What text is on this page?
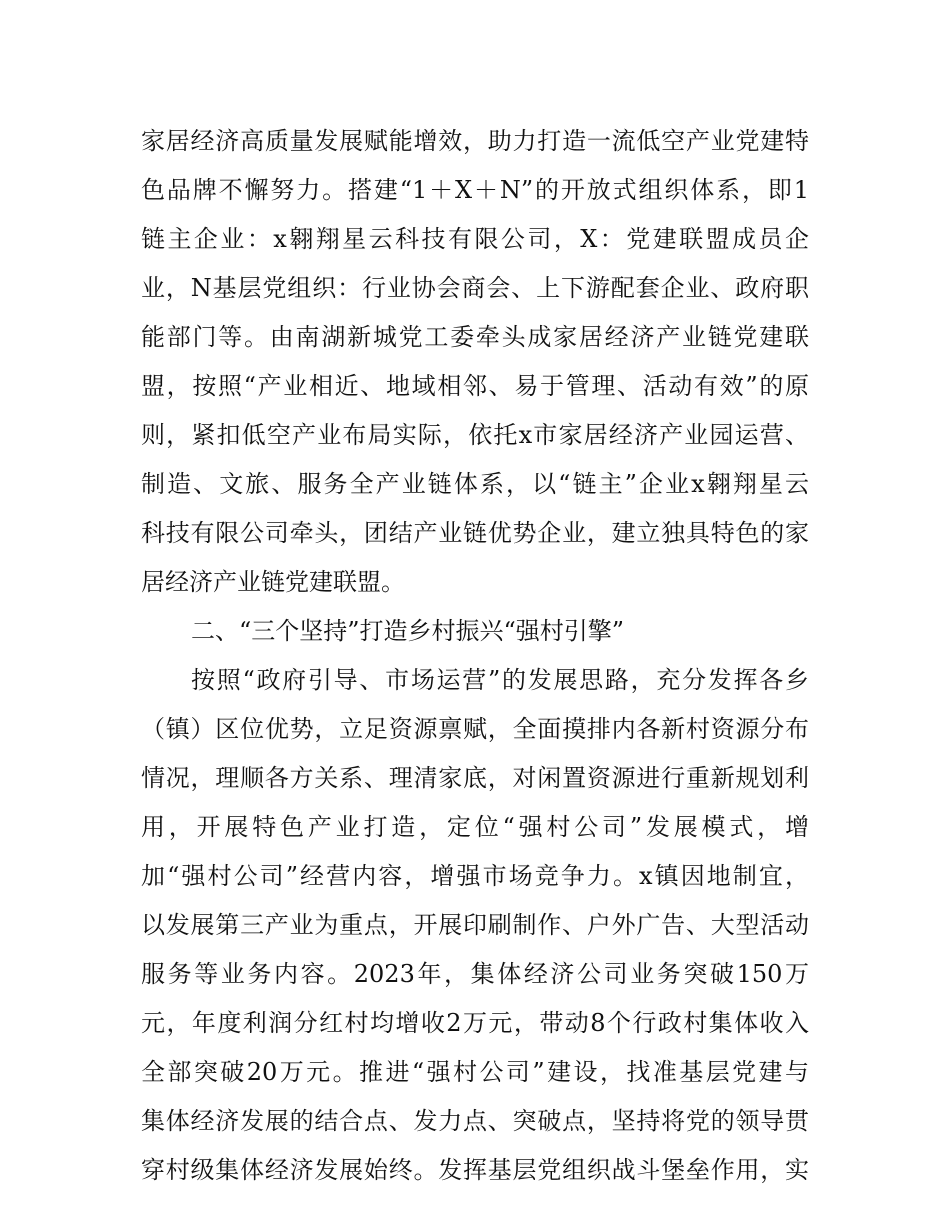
家居经济高质量发展赋能增效，助力打造一流低空产业党建特
色品牌不懈努力。搭建“1＋X＋N”的开放式组织体系，即1
链主企业：x翱翔星云科技有限公司，X：党建联盟成员企
业，N基层党组织：行业协会商会、上下游配套企业、政府职
能部门等。由南湖新城党工委牵头成家居经济产业链党建联
盟，按照“产业相近、地域相邻、易于管理、活动有效”的原
则，紧扣低空产业布局实际，依托x市家居经济产业园运营、
制造、文旅、服务全产业链体系，以“链主”企业x翱翔星云
科技有限公司牵头，团结产业链优势企业，建立独具特色的家
居经济产业链党建联盟。
二、“三个坚持”打造乡村振兴“强村引擎”
按照“政府引导、市场运营”的发展思路，充分发挥各乡
（镇）区位优势，立足资源禀赋，全面摸排内各新村资源分布
情况，理顺各方关系、理清家底，对闲置资源进行重新规划利
用，开展特色产业打造，定位“强村公司”发展模式，增
加“强村公司”经营内容，增强市场竞争力。x镇因地制宜，
以发展第三产业为重点，开展印刷制作、户外广告、大型活动
服务等业务内容。2023年，集体经济公司业务突破150万
元，年度利润分红村均增收2万元，带动8个行政村集体收入
全部突破20万元。推进“强村公司”建设，找准基层党建与
集体经济发展的结合点、发力点、突破点，坚持将党的领导贯
穿村级集体经济发展始终。发挥基层党组织战斗堡垒作用，实
